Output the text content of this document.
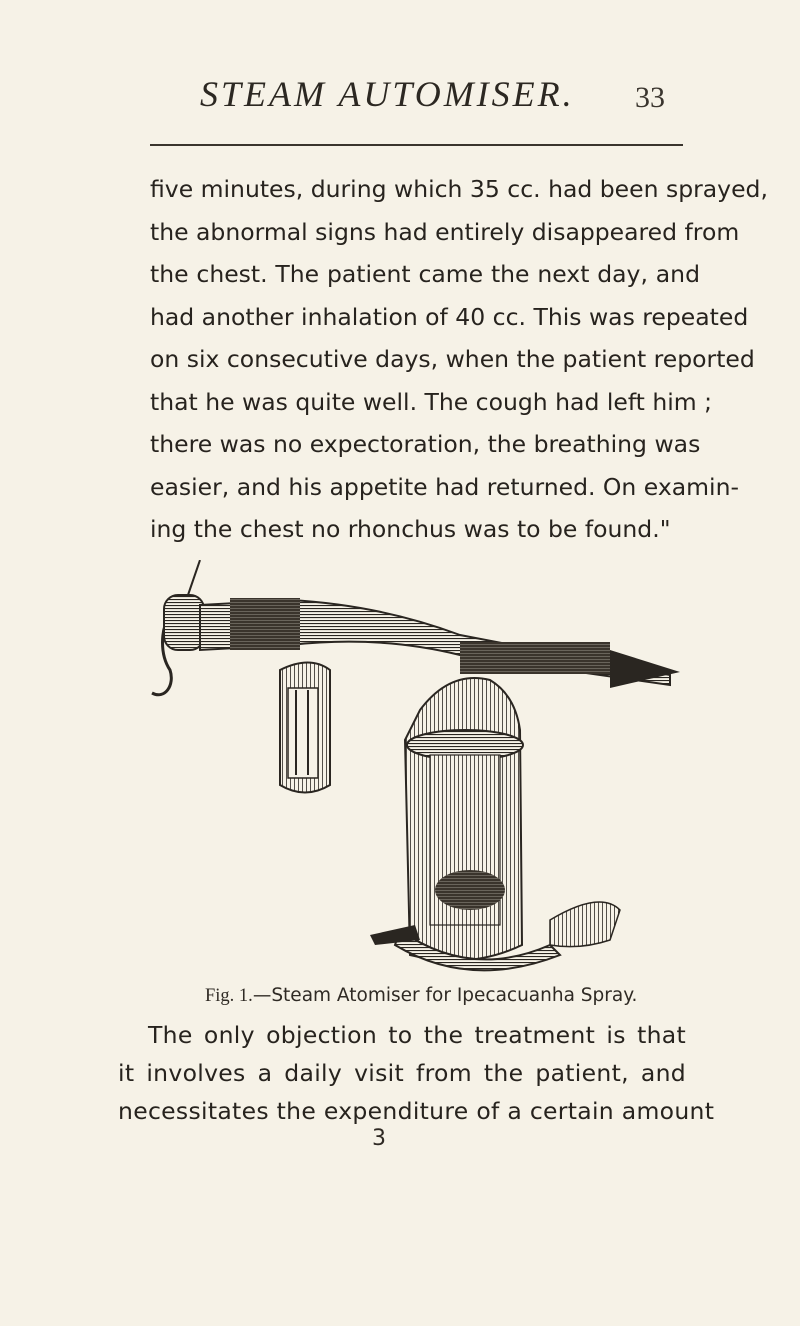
STEAM AUTOMISER. 33

five minutes, during which 35 cc. had been sprayed,
the abnormal signs had entirely disappeared from
the chest. The patient came the next day, and
had another inhalation of 40 cc. This was repeated
on six consecutive days, when the patient reported
that he was quite well. The cough had left him ;
there was no expectoration, the breathing was
easier, and his appetite had returned. On examin-
ing the chest no rhonchus was to be found."

Fig. 1.—Steam Atomiser for Ipecacuanha Spray.
The only objection to the treatment is that
it involves a daily visit from the patient, and
necessitates the expenditure of a certain amount
3
